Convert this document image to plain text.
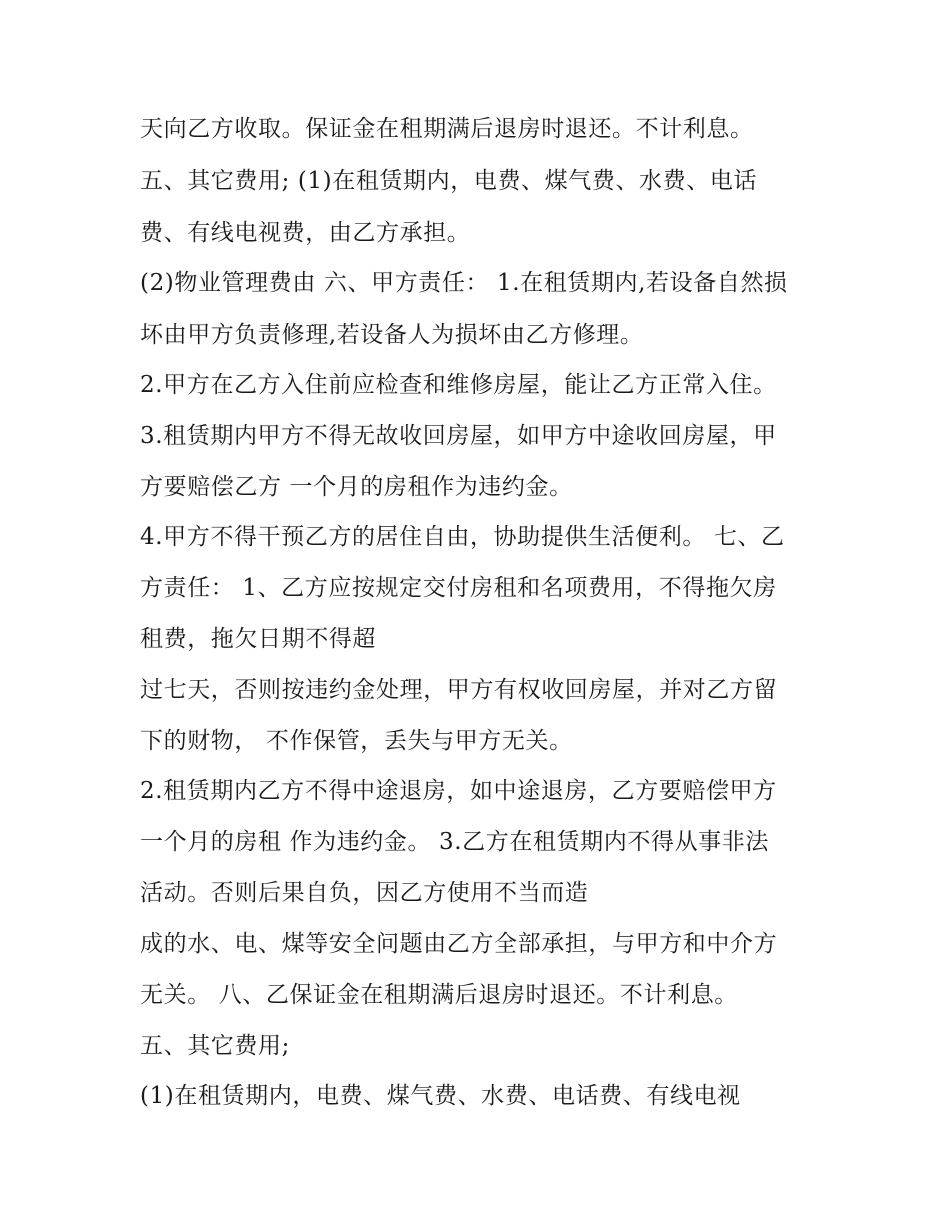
天向乙方收取。保证金在租期满后退房时退还。不计利息。
五、其它费用; (1)在租赁期内，电费、煤气费、水费、电话
费、有线电视费，由乙方承担。
(2)物业管理费由 六、甲方责任： 1.在租赁期内,若设备自然损
坏由甲方负责修理,若设备人为损坏由乙方修理。
2.甲方在乙方入住前应检查和维修房屋，能让乙方正常入住。
3.租赁期内甲方不得无故收回房屋，如甲方中途收回房屋，甲
方要赔偿乙方 一个月的房租作为违约金。
4.甲方不得干预乙方的居住自由，协助提供生活便利。 七、乙
方责任： 1、乙方应按规定交付房租和名项费用，不得拖欠房
租费，拖欠日期不得超
过七天，否则按违约金处理，甲方有权收回房屋，并对乙方留
下的财物， 不作保管，丢失与甲方无关。
2.租赁期内乙方不得中途退房，如中途退房，乙方要赔偿甲方
一个月的房租 作为违约金。 3.乙方在租赁期内不得从事非法
活动。否则后果自负，因乙方使用不当而造
成的水、电、煤等安全问题由乙方全部承担，与甲方和中介方
无关。 八、乙保证金在租期满后退房时退还。不计利息。
五、其它费用;
(1)在租赁期内，电费、煤气费、水费、电话费、有线电视
